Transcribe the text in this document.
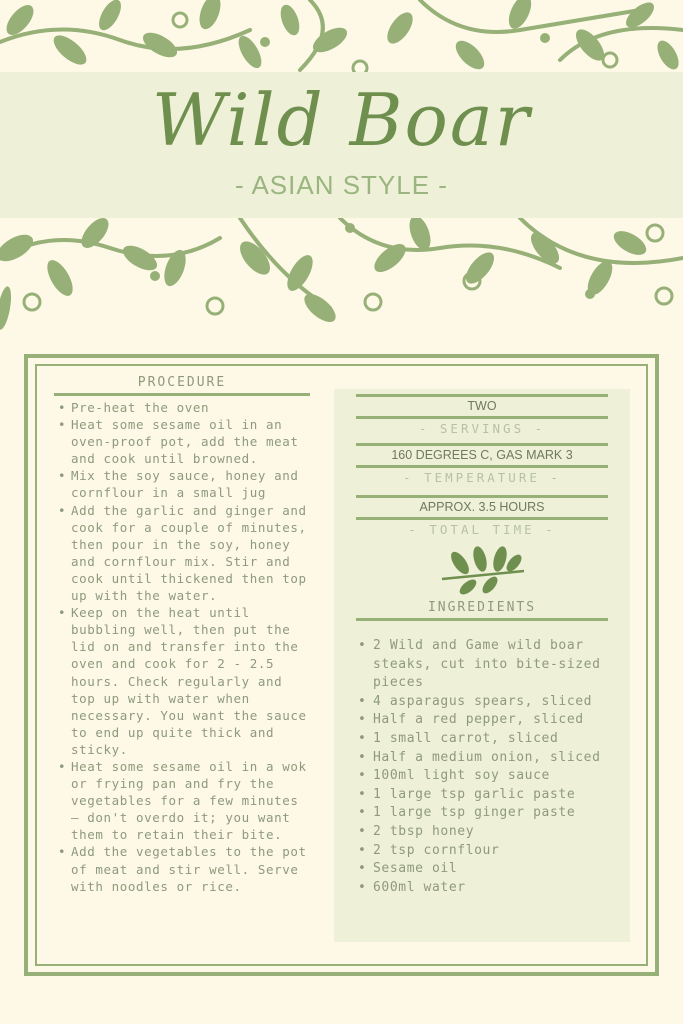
Wild Boar
- ASIAN STYLE -
PROCEDURE
• Pre-heat the oven
• Heat some sesame oil in an oven-proof pot, add the meat and cook until browned.
• Mix the soy sauce, honey and cornflour in a small jug
• Add the garlic and ginger and cook for a couple of minutes, then pour in the soy, honey and cornflour mix. Stir and cook until thickened then top up with the water.
• Keep on the heat until bubbling well, then put the lid on and transfer into the oven and cook for 2 - 2.5 hours. Check regularly and top up with water when necessary. You want the sauce to end up quite thick and sticky.
• Heat some sesame oil in a wok or frying pan and fry the vegetables for a few minutes – don't overdo it; you want them to retain their bite.
• Add the vegetables to the pot of meat and stir well. Serve with noodles or rice.
TWO
- SERVINGS -
160 DEGREES C, GAS MARK 3
- TEMPERATURE -
APPROX. 3.5 HOURS
- TOTAL TIME -
INGREDIENTS
• 2 Wild and Game wild boar steaks, cut into bite-sized pieces
• 4 asparagus spears, sliced
• Half a red pepper, sliced
• 1 small carrot, sliced
• Half a medium onion, sliced
• 100ml light soy sauce
• 1 large tsp garlic paste
• 1 large tsp ginger paste
• 2 tbsp honey
• 2 tsp cornflour
• Sesame oil
• 600ml water
